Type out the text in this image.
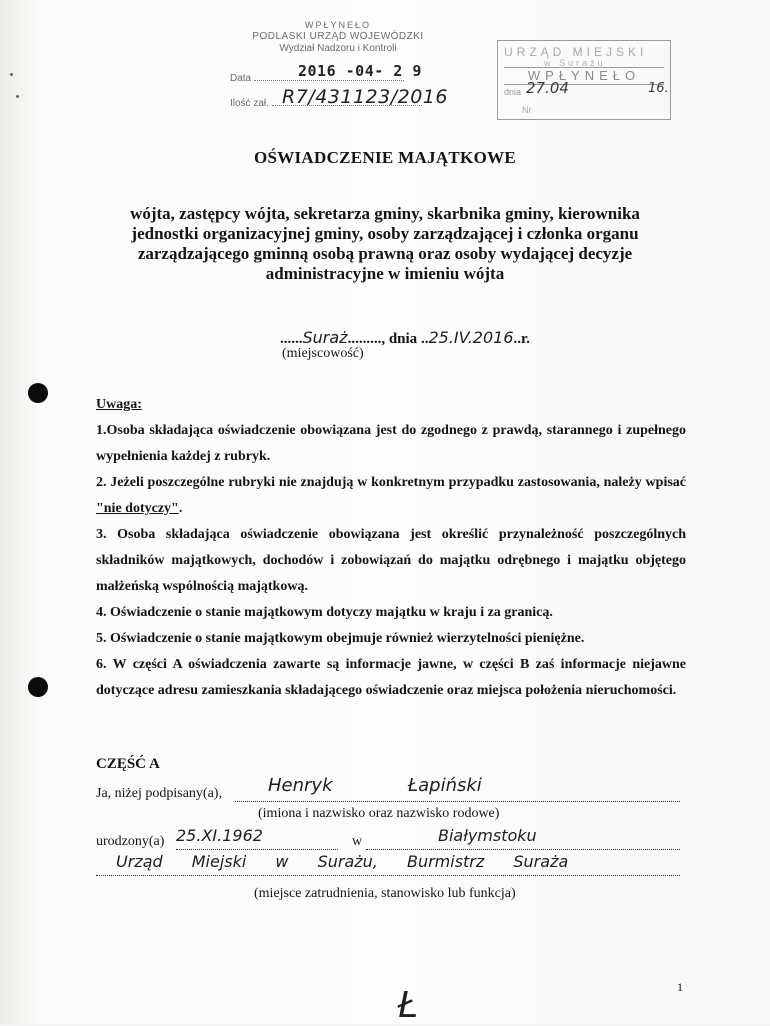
WPŁYNEŁO
PODLASKI URZĄD WOJEWÓDZKI
Wydział Nadzoru i Kontroli
Data	2016 -04- 2 9
Ilość zał. R7/431123/2016
URZĄD MIEJSKI
w Surażu
WPŁYNEŁO
dnia 27.04	16.
Nr
OŚWIADCZENIE MAJĄTKOWE
wójta, zastępcy wójta, sekretarza gminy, skarbnika gminy, kierownika jednostki organizacyjnej gminy, osoby zarządzającej i członka organu zarządzającego gminną osobą prawną oraz osoby wydającej decyzje administracyjne w imieniu wójta
......Suraż........., dnia ..25.IV.2016..r.
(miejscowość)
Uwaga:

1.Osoba składająca oświadczenie obowiązana jest do zgodnego z prawdą, starannego i zupełnego wypełnienia każdej z rubryk.

2. Jeżeli poszczególne rubryki nie znajdują w konkretnym przypadku zastosowania, należy wpisać "nie dotyczy".

3. Osoba składająca oświadczenie obowiązana jest określić przynależność poszczególnych składników majątkowych, dochodów i zobowiązań do majątku odrębnego i majątku objętego małżeńską wspólnością majątkową.

4. Oświadczenie o stanie majątkowym dotyczy majątku w kraju i za granicą.

5. Oświadczenie o stanie majątkowym obejmuje również wierzytelności pieniężne.

6. W części A oświadczenia zawarte są informacje jawne, w części B zaś informacje niejawne dotyczące adresu zamieszkania składającego oświadczenie oraz miejsca położenia nieruchomości.

CZĘŚĆ A
Ja, niżej podpisany(a),	Henryk	Łapiński
(imiona i nazwisko oraz nazwisko rodowe)
urodzony(a) 25.XI.1962	w	Białymstoku
Urząd Miejski w Surażu, Burmistrz Suraża
(miejsce zatrudnienia, stanowisko lub funkcja)
1
Ł
